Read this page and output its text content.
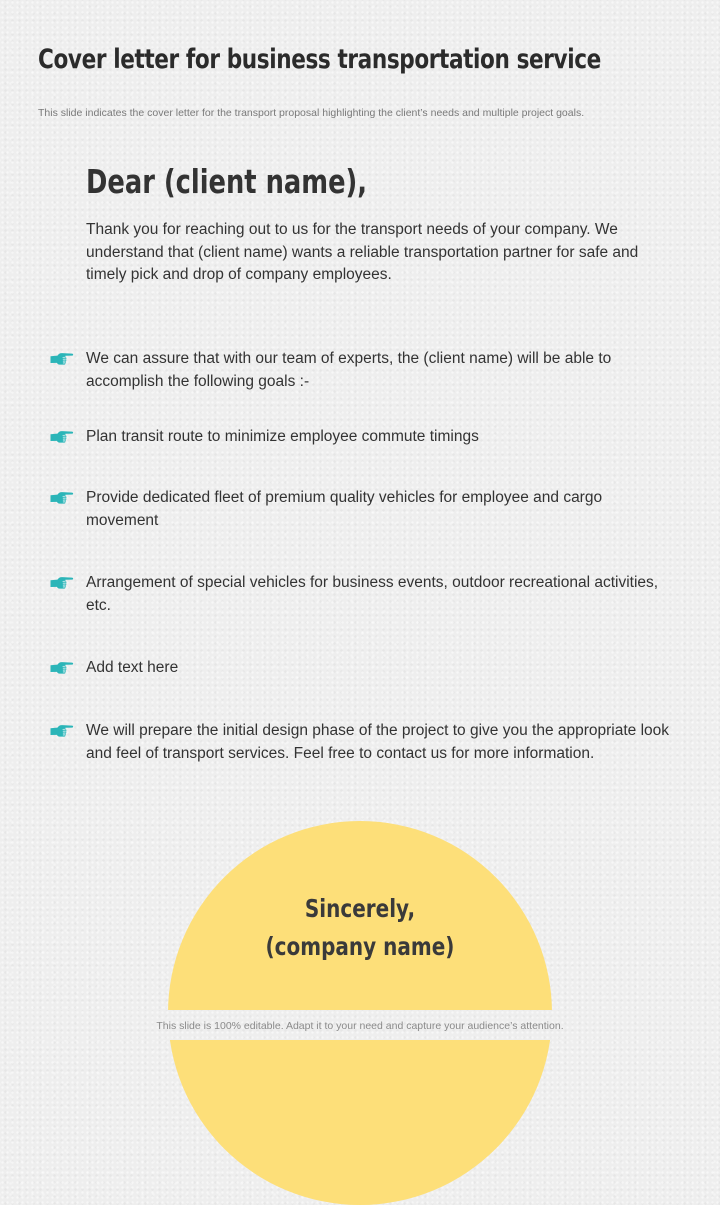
Cover letter for business transportation service
This slide indicates the cover letter for the transport proposal highlighting the client’s needs and multiple project goals.
Dear (client name),

Thank you for reaching out to us for the transport needs of your company. We understand that (client name) wants a reliable transportation partner for safe and timely pick and drop of company employees.

We can assure that with our team of experts, the (client name) will be able to accomplish the following goals :-
Plan transit route to minimize employee commute timings
Provide dedicated fleet of premium quality vehicles for employee and cargo movement
Arrangement of special vehicles for business events, outdoor recreational activities, etc.
Add text here
We will prepare the initial design phase of the project to give you the appropriate look and feel of transport services. Feel free to contact us for more information.
Sincerely,
(company name)
This slide is 100% editable. Adapt it to your need and capture your audience’s attention.
